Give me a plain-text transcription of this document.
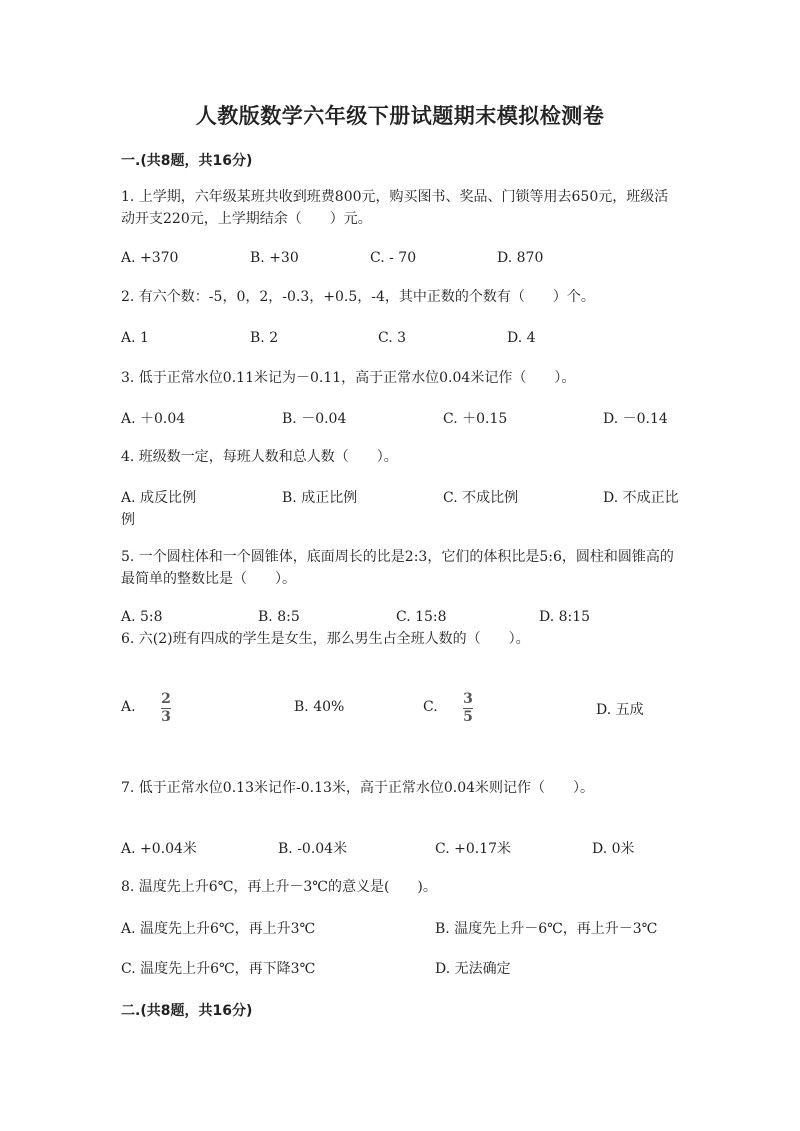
人教版数学六年级下册试题期末模拟检测卷
一.(共8题，共16分)
1. 上学期，六年级某班共收到班费800元，购买图书、奖品、门锁等用去650元，班级活动开支220元，上学期结余（　　）元。
A. +370	B. +30	C. - 70	D. 870
2. 有六个数：-5，0，2，-0.3，+0.5，-4，其中正数的个数有（　　）个。
A. 1	B. 2	C. 3	D. 4
3. 低于正常水位0.11米记为－0.11，高于正常水位0.04米记作（　　）。
A. ＋0.04	B. －0.04	C. ＋0.15	D. －0.14
4. 班级数一定，每班人数和总人数（　　）。
A. 成反比例	B. 成正比例	C. 不成比例	D. 不成正比例
5. 一个圆柱体和一个圆锥体，底面周长的比是2:3，它们的体积比是5:6，圆柱和圆锥高的最简单的整数比是（　　）。
A. 5:8	B. 8:5	C. 15:8	D. 8:15
6. 六(2)班有四成的学生是女生，那么男生占全班人数的（　　）。
A. 2
3
B. 40%	C. 3
5	D. 五成
7. 低于正常水位0.13米记作-0.13米，高于正常水位0.04米则记作（　　）。
A. +0.04米	B. -0.04米	C. +0.17米	D. 0米
8. 温度先上升6℃，再上升－3℃的意义是(　　)。
A. 温度先上升6℃，再上升3℃	B. 温度先上升－6℃，再上升－3℃
C. 温度先上升6℃，再下降3℃	D. 无法确定
二.(共8题，共16分)
